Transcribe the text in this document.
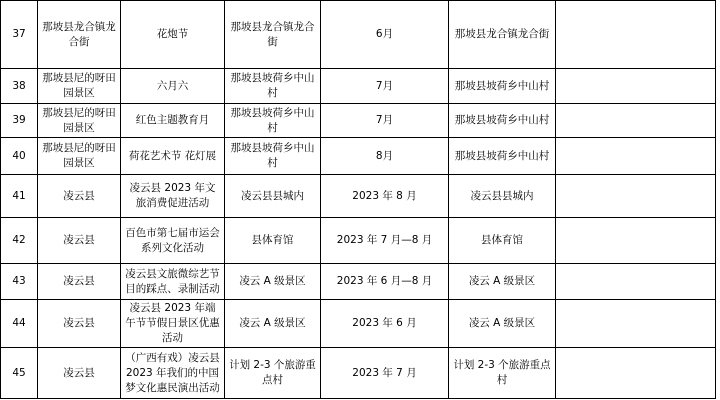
37	那坡县龙合镇龙合街	花炮节	那坡县龙合镇龙合街	6月	那坡县龙合镇龙合街	
38	那坡县尼的呀田园景区	六月六	那坡县坡荷乡中山村	7月	那坡县坡荷乡中山村	
39	那坡县尼的呀田园景区	红色主题教育月	那坡县坡荷乡中山村	7月	那坡县坡荷乡中山村	
40	那坡县尼的呀田园景区	荷花艺术节 花灯展	那坡县坡荷乡中山村	8月	那坡县坡荷乡中山村	
41	凌云县	凌云县 2023 年文旅消费促进活动	凌云县县城内	2023 年 8 月	凌云县县城内	
42	凌云县	百色市第七届市运会系列文化活动	县体育馆	2023 年 7 月—8 月	县体育馆	
43	凌云县	凌云县文旅微综艺节目的踩点、录制活动	凌云 A 级景区	2023 年 6 月—8 月	凌云 A 级景区	
44	凌云县	凌云县 2023 年端午节节假日景区优惠活动	凌云 A 级景区	2023 年 6 月	凌云 A 级景区	
45	凌云县	（广西有戏）凌云县 2023 年我们的中国梦文化惠民演出活动	计划 2-3 个旅游重点村	2023 年 7 月	计划 2-3 个旅游重点村	
